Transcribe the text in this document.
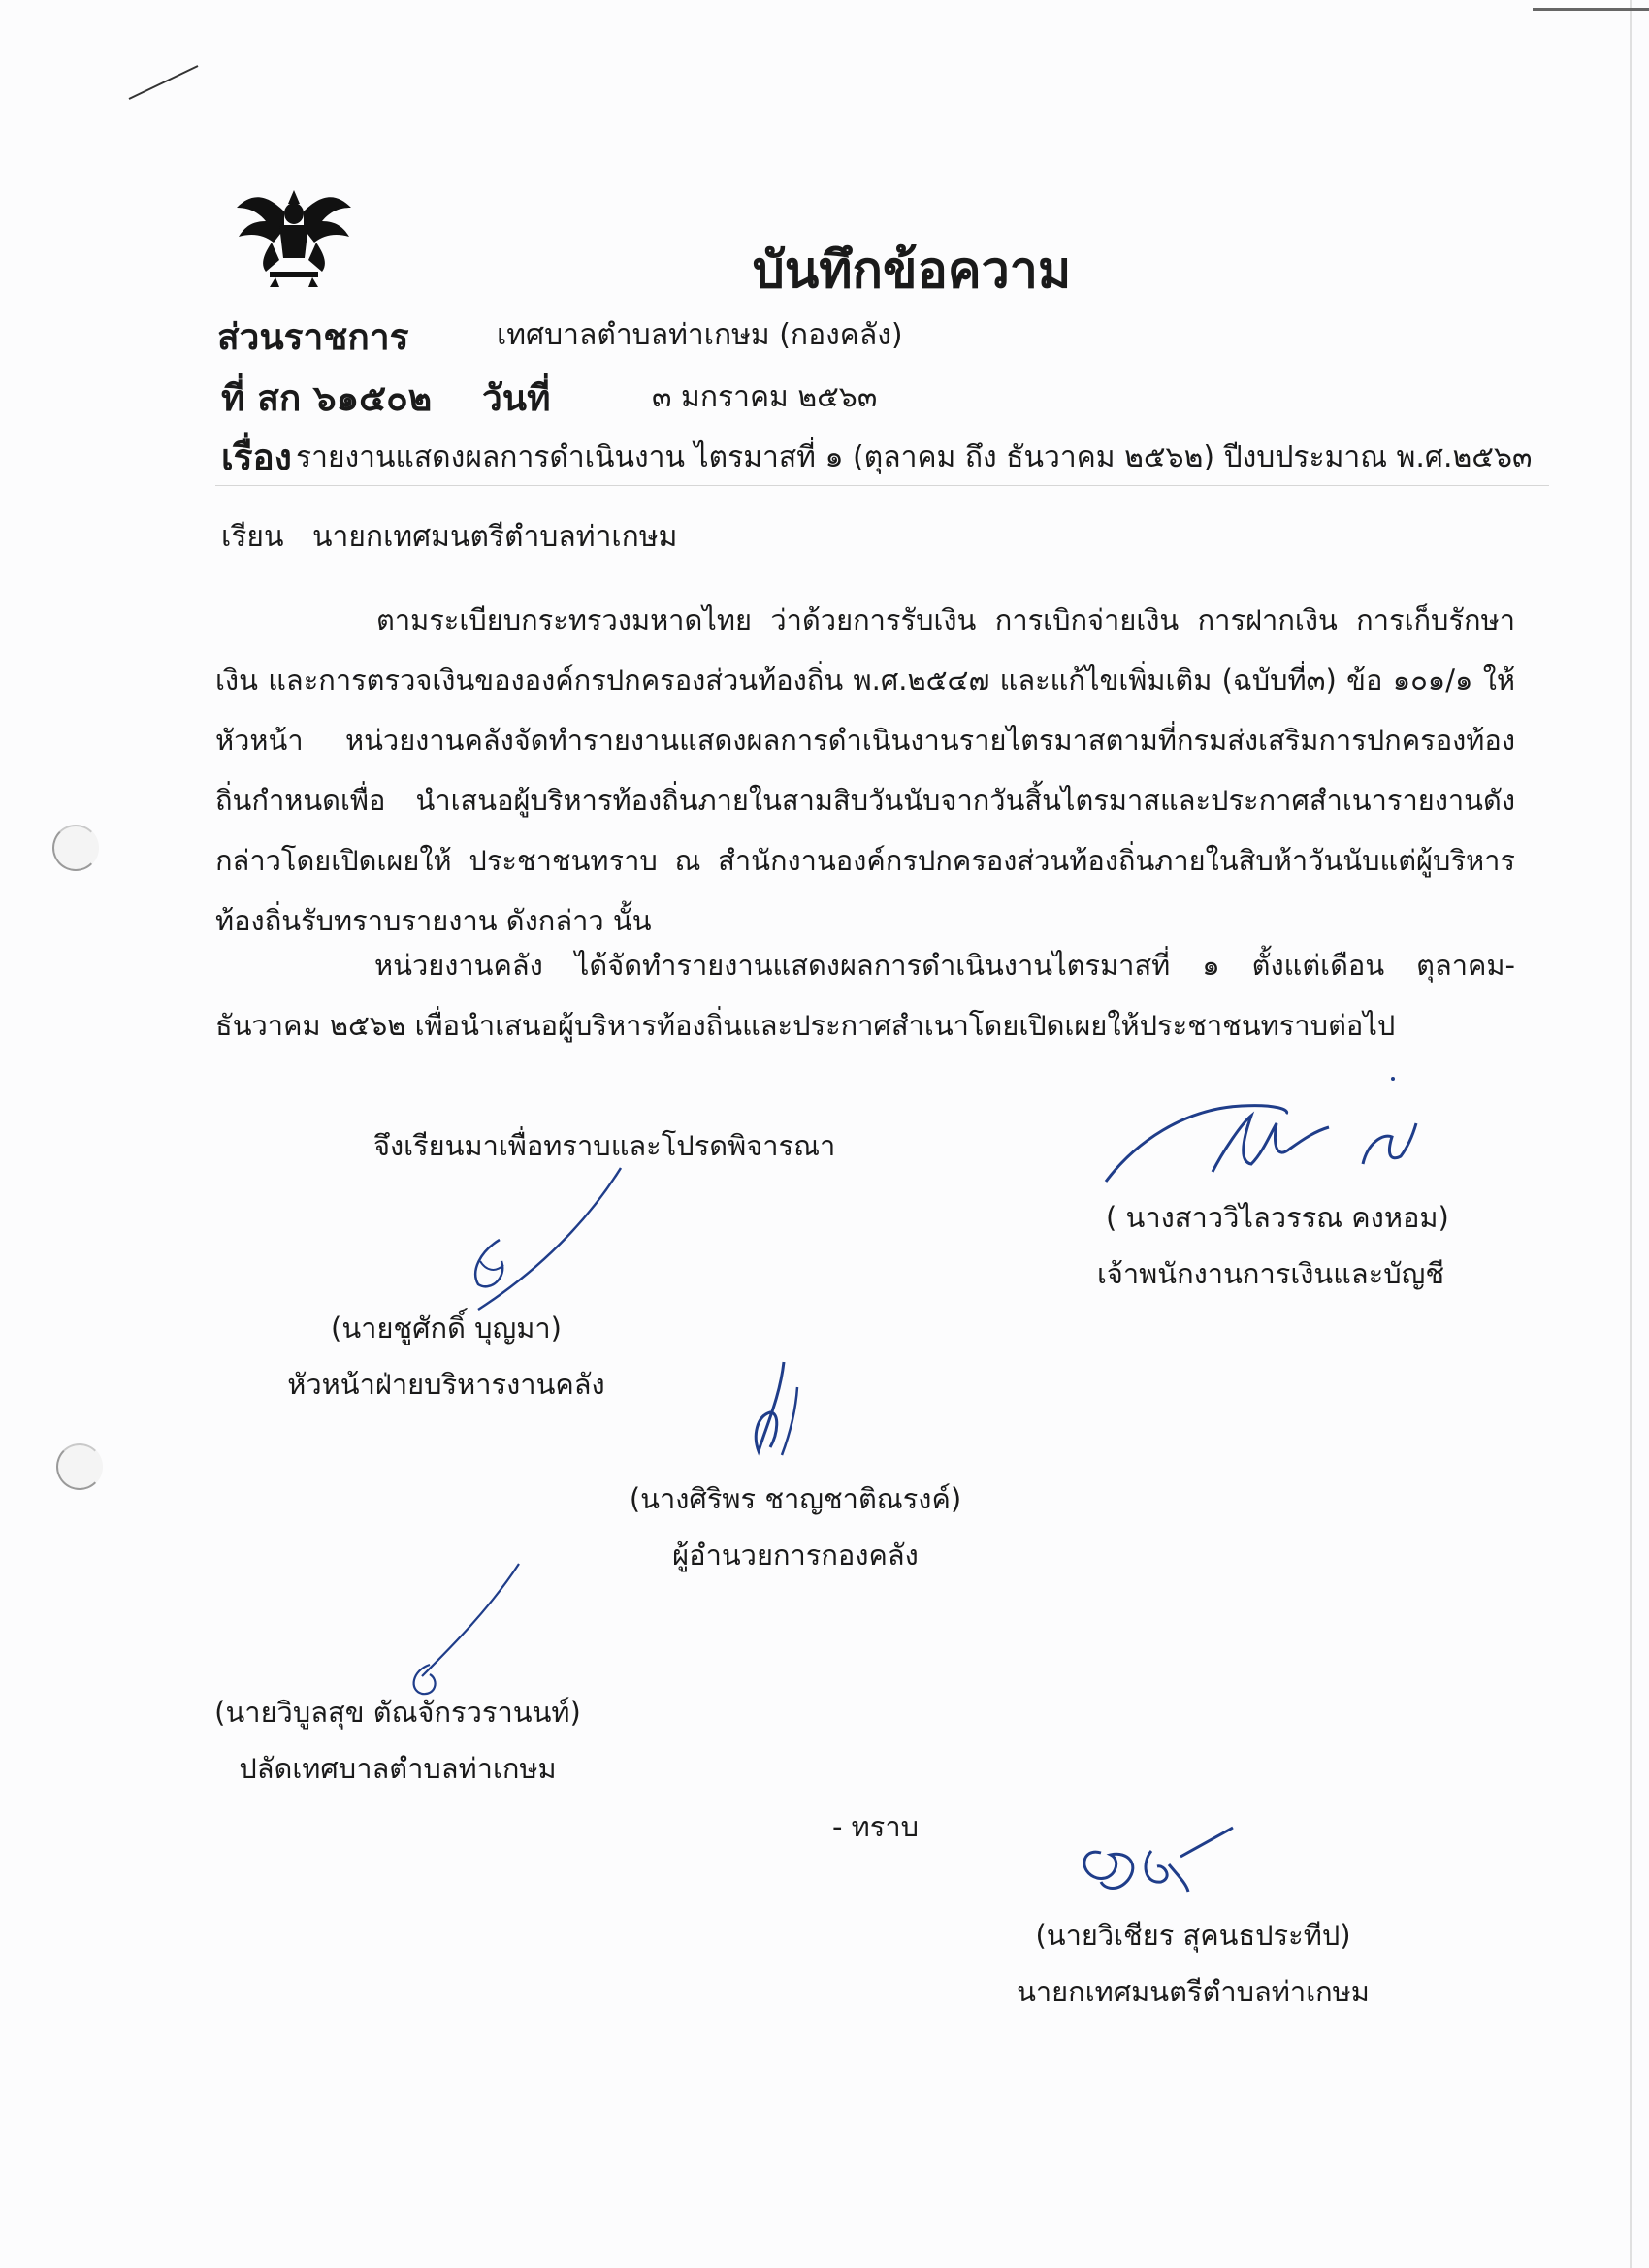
บันทึกข้อความ
ส่วนราชการ	เทศบาลตำบลท่าเกษม (กองคลัง)
ที่ สก ๖๑๕๐๒ วันที่	๓ มกราคม ๒๕๖๓
เรื่อง รายงานแสดงผลการดำเนินงาน ไตรมาสที่ ๑ (ตุลาคม ถึง ธันวาคม ๒๕๖๒) ปีงบประมาณ พ.ศ.๒๕๖๓
เรียน นายกเทศมนตรีตำบลท่าเกษม
ตามระเบียบกระทรวงมหาดไทย ว่าด้วยการรับเงิน การเบิกจ่ายเงิน การฝากเงิน การเก็บรักษาเงิน และการตรวจเงินขององค์กรปกครองส่วนท้องถิ่น พ.ศ.๒๕๔๗ และแก้ไขเพิ่มเติม (ฉบับที่๓) ข้อ ๑๐๑/๑ ให้หัวหน้า หน่วยงานคลังจัดทำรายงานแสดงผลการดำเนินงานรายไตรมาสตามที่กรมส่งเสริมการปกครองท้องถิ่นกำหนดเพื่อ นำเสนอผู้บริหารท้องถิ่นภายในสามสิบวันนับจากวันสิ้นไตรมาสและประกาศสำเนารายงานดังกล่าวโดยเปิดเผยให้ ประชาชนทราบ ณ สำนักงานองค์กรปกครองส่วนท้องถิ่นภายในสิบห้าวันนับแต่ผู้บริหารท้องถิ่นรับทราบรายงาน ดังกล่าว นั้น
หน่วยงานคลัง ได้จัดทำรายงานแสดงผลการดำเนินงานไตรมาสที่ ๑ ตั้งแต่เดือน ตุลาคม-ธันวาคม ๒๕๖๒ เพื่อนำเสนอผู้บริหารท้องถิ่นและประกาศสำเนาโดยเปิดเผยให้ประชาชนทราบต่อไป
จึงเรียนมาเพื่อทราบและโปรดพิจารณา
( นางสาววิไลวรรณ คงหอม)
เจ้าพนักงานการเงินและบัญชี
(นายชูศักดิ์ บุญมา)
หัวหน้าฝ่ายบริหารงานคลัง
(นางศิริพร ชาญชาติณรงค์)
ผู้อำนวยการกองคลัง
(นายวิบูลสุข ตัณจักรวรานนท์)
ปลัดเทศบาลตำบลท่าเกษม
- ทราบ
(นายวิเชียร สุคนธประทีป)
นายกเทศมนตรีตำบลท่าเกษม
